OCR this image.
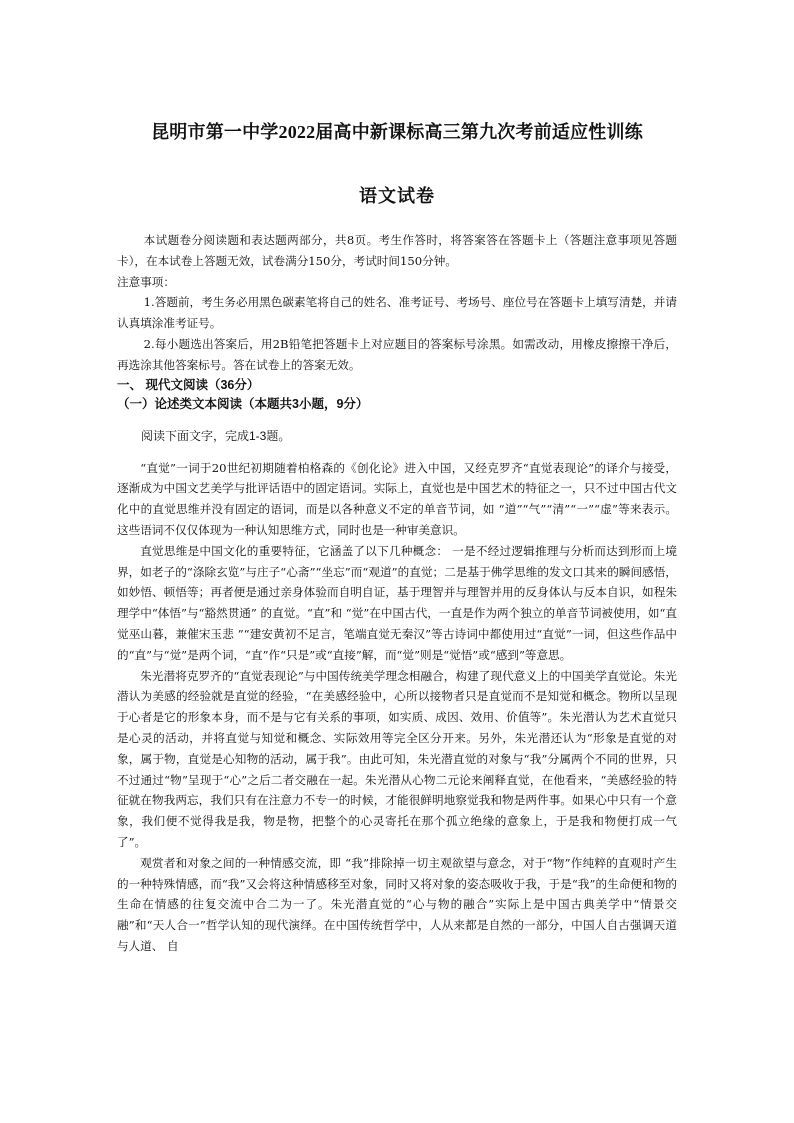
昆明市第一中学2022届高中新课标高三第九次考前适应性训练
语文试卷

本试题卷分阅读题和表达题两部分，共8页。考生作答时，将答案答在答题卡上（答题注意事项见答题卡），在本试卷上答题无效，试卷满分150分，考试时间150分钟。

注意事项：

1.答题前，考生务必用黑色碳素笔将自己的姓名、准考证号、考场号、座位号在答题卡上填写清楚，并请认真填涂准考证号。

2.每小题选出答案后，用2B铅笔把答题卡上对应题目的答案标号涂黑。如需改动，用橡皮擦擦干净后，再选涂其他答案标号。答在试卷上的答案无效。

一、 现代文阅读（36分）

（一）论述类文本阅读（本题共3小题，9分）

阅读下面文字，完成1-3题。

“直觉”一词于20世纪初期随着柏格森的《创化论》进入中国，又经克罗齐“直觉表现论”的译介与接受，逐渐成为中国文艺美学与批评话语中的固定语词。实际上，直觉也是中国艺术的特征之一，只不过中国古代文化中的直觉思维并没有固定的语词，而是以各种意义不定的单音节词，如 “道”“气”“清”“一”“虚”等来表示。这些语词不仅仅体现为一种认知思维方式，同时也是一种审美意识。

直觉思维是中国文化的重要特征，它涵盖了以下几种概念： 一是不经过逻辑推理与分析而达到形而上境界，如老子的“涤除玄览”与庄子“心斋”“坐忘”而“观道”的直觉；二是基于佛学思维的发文口其来的瞬间感悟，如妙悟、顿悟等；再者便是通过亲身体验而自明自证，基于理智并与理智并用的反身体认与反本自识，如程朱理学中“体悟”与“豁然贯通” 的直觉。“直”和 “觉”在中国古代，一直是作为两个独立的单音节词被使用，如“直觉巫山暮，兼催宋玉悲 ”“建安黄初不足言，笔端直觉无秦汉”等古诗词中都使用过“直觉”一词，但这些作品中的“直”与“觉”是两个词，“直”作“只是”或“直接”解，而“觉”则是“觉悟”或“感到”等意思。

朱光潜将克罗齐的“直觉表现论”与中国传统美学理念相融合，构建了现代意义上的中国美学直觉论。朱光潜认为美感的经验就是直觉的经验，“在美感经验中，心所以接物者只是直觉而不是知觉和概念。物所以呈现于心者是它的形象本身，而不是与它有关系的事项，如实质、成因、效用、价值等”。朱光潜认为艺术直觉只是心灵的活动，并将直觉与知觉和概念、实际效用等完全区分开来。另外，朱光潜还认为“形象是直觉的对象，属于物，直觉是心知物的活动，属于我”。由此可知，朱光潜直觉的对象与“我”分属两个不同的世界，只不过通过“物”呈现于“心”之后二者交融在一起。朱光潜从心物二元论来阐释直觉，在他看来，“美感经验的特征就在物我两忘，我们只有在注意力不专一的时候，才能很鲜明地察觉我和物是两件事。如果心中只有一个意象，我们便不觉得我是我，物是物，把整个的心灵寄托在那个孤立绝缘的意象上，于是我和物便打成一气了”。

观赏者和对象之间的一种情感交流，即 “我”排除掉一切主观欲望与意念，对于“物”作纯粹的直观时产生的一种特殊情感，而“我”又会将这种情感移至对象，同时又将对象的姿态吸收于我，于是“我”的生命便和物的生命在情感的往复交流中合二为一了。朱光潜直觉的“心与物的融合”实际上是中国古典美学中“情景交融”和“天人合一”哲学认知的现代演绎。在中国传统哲学中，人从来都是自然的一部分，中国人自古强调天道与人道、 自
